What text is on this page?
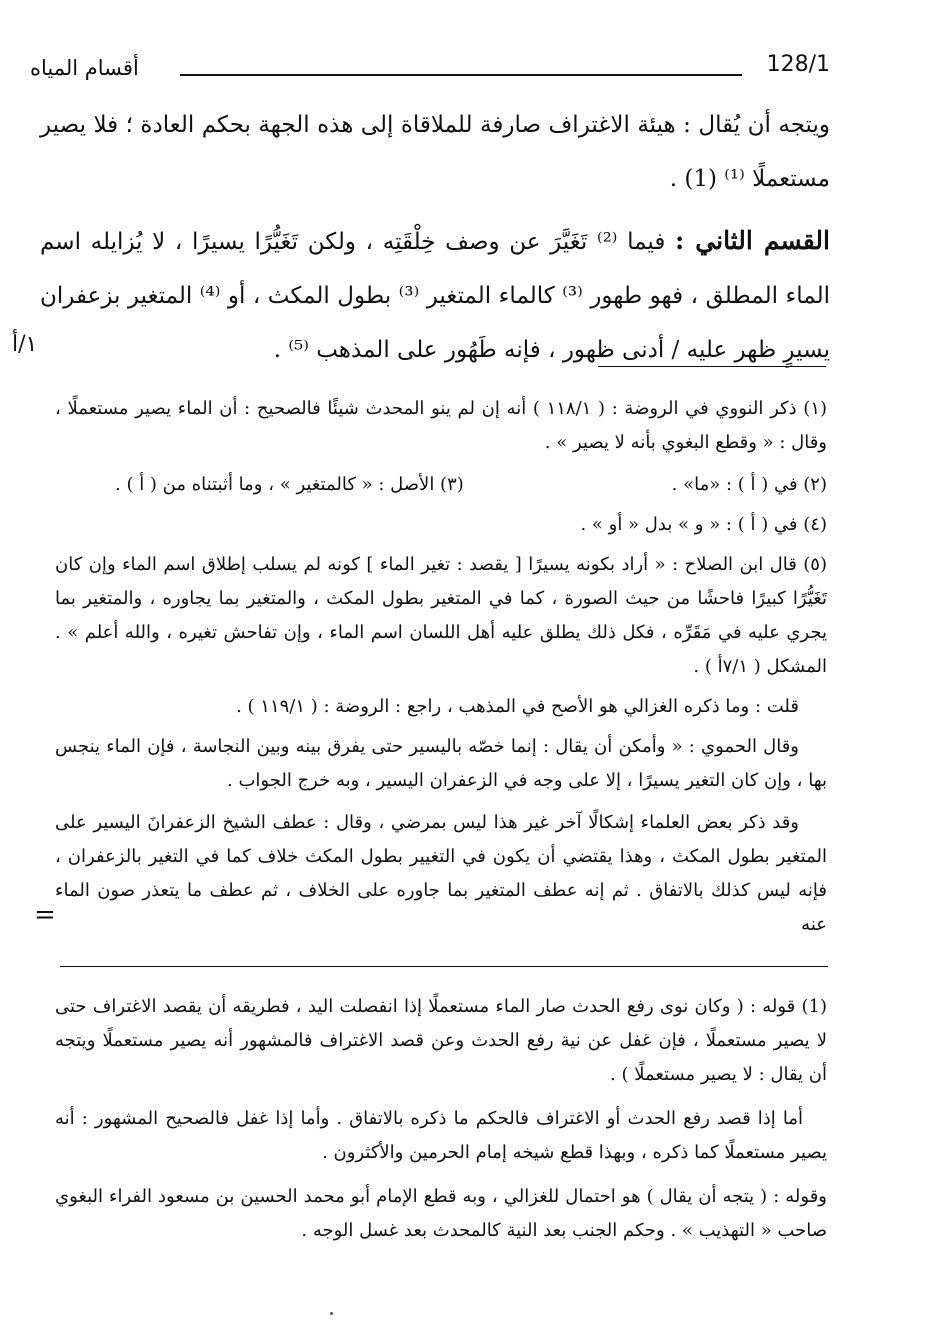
أقسام المياه	128/1

ويتجه أن يُقال : هيئة الاغتراف صارفة للملاقاة إلى هذه الجهة بحكم العادة ؛ فلا يصير مستعملًا ⁽¹⁾ (1) .

القسم الثاني : فيما ⁽²⁾ تَغَيَّرَ عن وصف خِلْقَتِه ، ولكن تَغَيُّرًا يسيرًا ، لا يُزايله اسم الماء المطلق ، فهو طهور ⁽³⁾ كالماء المتغير ⁽³⁾ بطول المكث ، أو ⁽⁴⁾ المتغير بزعفران يسيرٍ ظهر عليه / أدنى ظهور ، فإنه طَهُور على المذهب ⁽⁵⁾ .

١/أ

(١) ذكر النووي في الروضة : ( ١١٨/١ ) أنه إن لم ينو المحدث شيئًا فالصحيح : أن الماء يصير مستعملًا ، وقال : « وقطع البغوي بأنه لا يصير » .

(٢) في ( أ ) : «ما» .

(٣) الأصل : « كالمتغير » ، وما أثبتناه من ( أ ) .

(٤) في ( أ ) : « و » بدل « أو » .

(٥) قال ابن الصلاح : « أراد بكونه يسيرًا [ يقصد : تغير الماء ] كونه لم يسلب إطلاق اسم الماء وإن كان تَغَيُّرًا كبيرًا فاحشًا من حيث الصورة ، كما في المتغير بطول المكث ، والمتغير بما يجاوره ، والمتغير بما يجري عليه في مَقَرِّه ، فكل ذلك يطلق عليه أهل اللسان اسم الماء ، وإن تفاحش تغيره ، والله أعلم » . المشكل ( ٧/١أ ) .

قلت : وما ذكره الغزالي هو الأصح في المذهب ، راجع : الروضة : ( ١١٩/١ ) .

وقال الحموي : « وأمكن أن يقال : إنما خصّه باليسير حتى يفرق بينه وبين النجاسة ، فإن الماء ينجس بها ، وإن كان التغير يسيرًا ، إلا على وجه في الزعفران اليسير ، وبه خرج الجواب .

وقد ذكر بعض العلماء إشكالًا آخر غير هذا ليس بمرضي ، وقال : عطف الشيخ الزعفرانَ اليسير على المتغير بطول المكث ، وهذا يقتضي أن يكون في التغيير بطول المكث خلاف كما في التغير بالزعفران ، فإنه ليس كذلك بالاتفاق . ثم إنه عطف المتغير بما جاوره على الخلاف ، ثم عطف ما يتعذر صون الماء عنه

=

(1) قوله : ( وكان نوى رفع الحدث صار الماء مستعملًا إذا انفصلت اليد ، فطريقه أن يقصد الاغتراف حتى لا يصير مستعملًا ، فإن غفل عن نية رفع الحدث وعن قصد الاغتراف فالمشهور أنه يصير مستعملًا ويتجه أن يقال : لا يصير مستعملًا ) .

أما إذا قصد رفع الحدث أو الاغتراف فالحكم ما ذكره بالاتفاق . وأما إذا غفل فالصحيح المشهور : أنه يصير مستعملًا كما ذكره ، وبهذا قطع شيخه إمام الحرمين والأكثرون .

وقوله : ( يتجه أن يقال ) هو احتمال للغزالي ، وبه قطع الإمام أبو محمد الحسين بن مسعود الفراء البغوي صاحب « التهذيب » . وحكم الجنب بعد النية كالمحدث بعد غسل الوجه .
